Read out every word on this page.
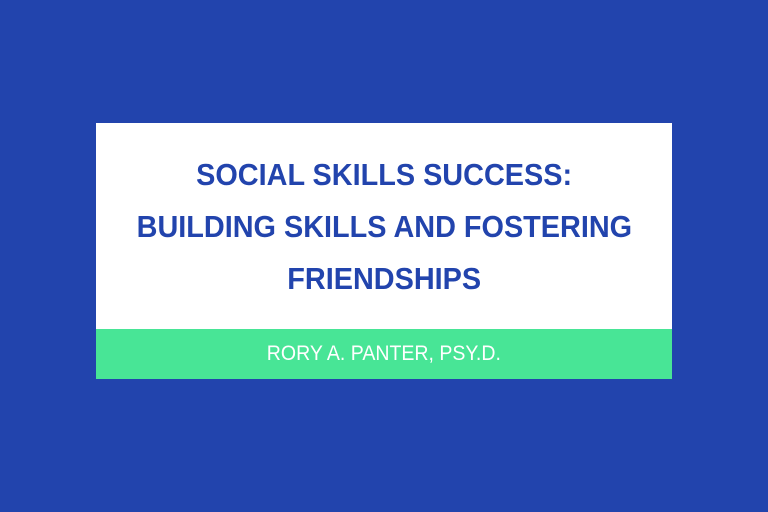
SOCIAL SKILLS SUCCESS:
BUILDING SKILLS AND FOSTERING
FRIENDSHIPS
RORY A. PANTER, PSY.D.
